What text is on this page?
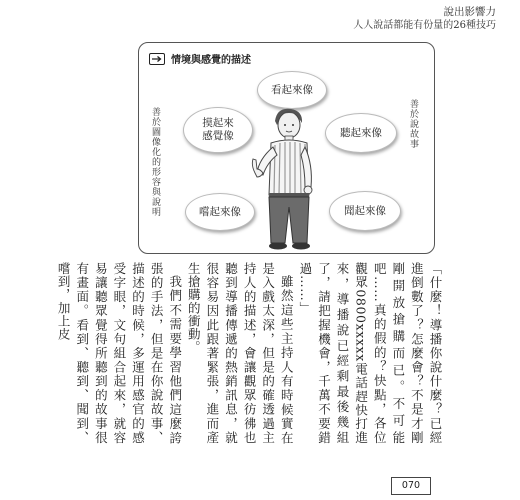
說出影響力
人人說話都能有份量的26種技巧
情境與感覺的描述
看起來像
摸起來
感覺像	聽起來像
嚐起來像	聞起來像
善於圖像化的形容與說明	善於說故事

「什麼！導播你說什麼？已經進倒數了？怎麼會？不是才剛剛開放搶購而已。不可能吧……真的假的？快點，各位觀眾0800xxxxx電話趕快打進來，導播說已經剩最後幾組了，請把握機會，千萬不要錯過……」

雖然這些主持人有時候實在是入戲太深，但是的確透過主持人的描述，會讓觀眾彷彿也聽到導播傳遞的熱銷訊息，就很容易因此跟著緊張，進而產生搶購的衝動。

我們不需要學習他們這麼誇張的手法，但是在你說故事、描述的時候，多運用感官的感受字眼，文句組合起來，就容易讓聽眾覺得所聽到的故事很有畫面。看到、聽到、聞到、嚐到，加上皮

070
